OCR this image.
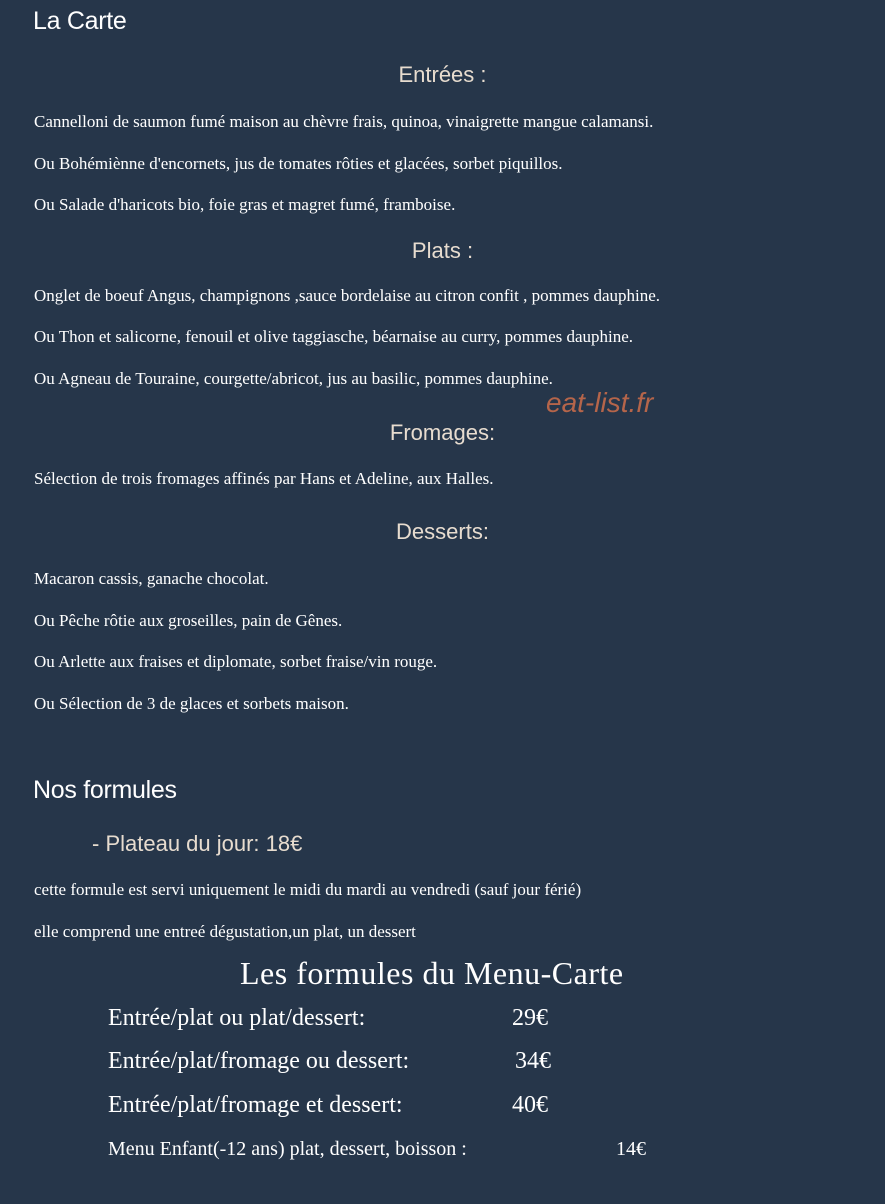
La Carte
Entrées :
Cannelloni de saumon fumé maison au chèvre frais, quinoa, vinaigrette mangue calamansi.
Ou Bohémiènne d'encornets, jus de tomates rôties et glacées, sorbet piquillos.
Ou Salade d'haricots bio, foie gras et magret fumé, framboise.
Plats :
Onglet de boeuf Angus, champignons ,sauce bordelaise au citron confit , pommes dauphine.
Ou Thon et salicorne, fenouil et olive taggiasche, béarnaise au curry, pommes dauphine.
Ou Agneau de Touraine, courgette/abricot, jus au basilic, pommes dauphine.
eat-list.fr
Fromages:
Sélection de trois fromages affinés par Hans et Adeline, aux Halles.
Desserts:
Macaron cassis, ganache chocolat.
Ou Pêche rôtie aux groseilles, pain de Gênes.
Ou Arlette aux fraises et diplomate, sorbet fraise/vin rouge.
Ou Sélection de 3 de glaces et sorbets maison.
Nos formules
- Plateau du jour: 18€
cette formule est servi uniquement le midi du mardi au vendredi (sauf jour férié)
elle comprend une entreé dégustation,un plat, un dessert
Les formules du Menu-Carte
Entrée/plat ou plat/dessert:	29€
Entrée/plat/fromage ou dessert:	34€
Entrée/plat/fromage et dessert:	40€
Menu Enfant(-12 ans) plat, dessert, boisson :	14€
